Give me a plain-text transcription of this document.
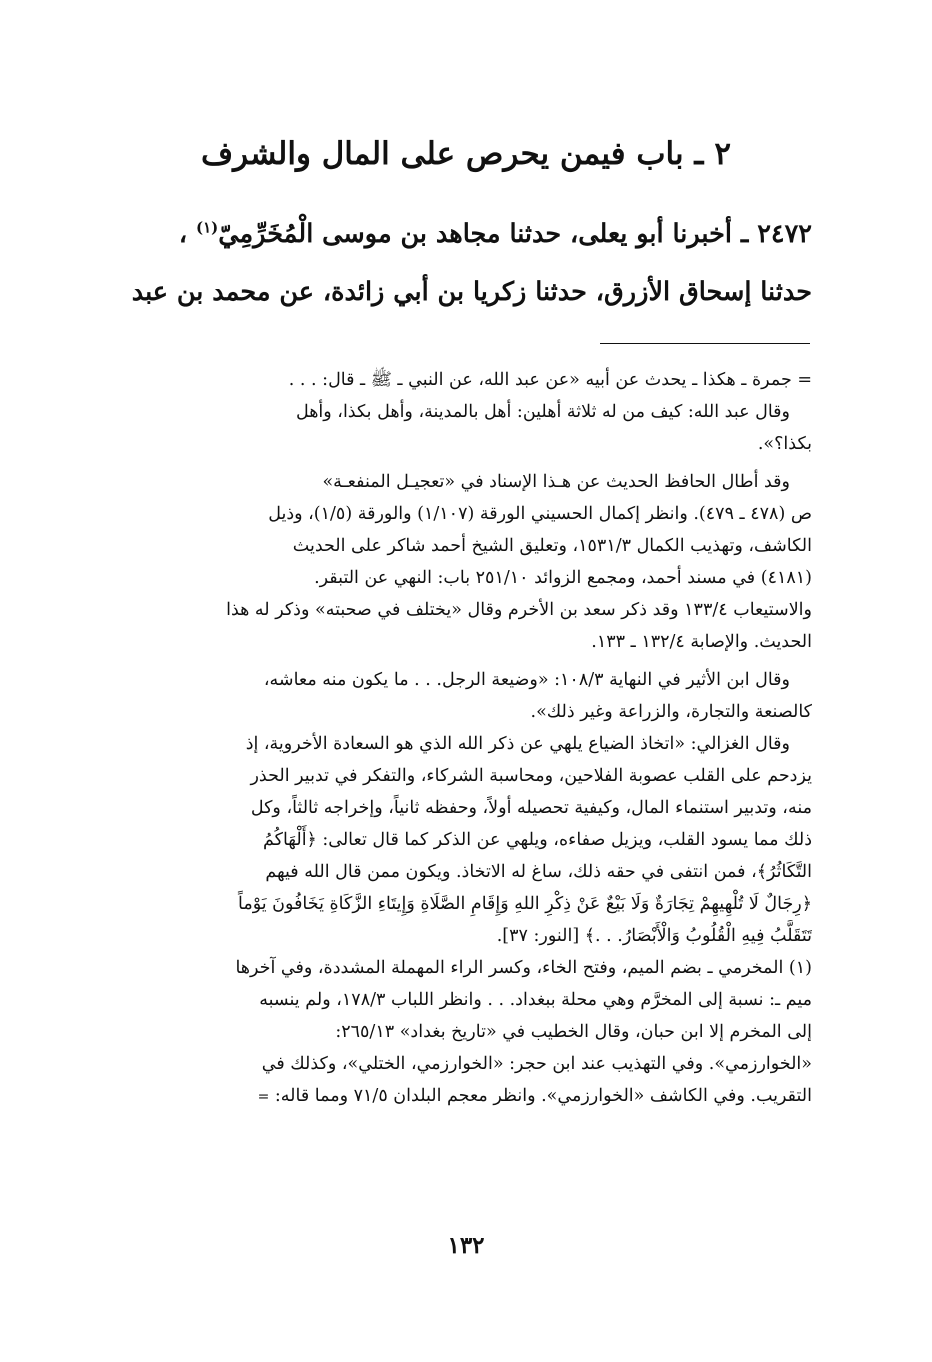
٢ ـ باب فيمن يحرص على المال والشرف
٢٤٧٢ ـ أخبرنا أبو يعلى، حدثنا مجاهد بن موسى الْمُخَرِّمِيّ$^{(١)}$ ،
حدثنا إسحاق الأزرق، حدثنا زكريا بن أبي زائدة، عن محمد بن عبد
= جمرة ـ هكذا ـ يحدث عن أبيه «عن عبد الله، عن النبي ـ ﷺ ـ قال: . . .
وقال عبد الله: كيف من له ثلاثة أهلين: أهل بالمدينة، وأهل بكذا، وأهل
بكذا؟».
وقد أطال الحافظ الحديث عن هـذا الإسناد في «تعجيـل المنفعـة»
ص (٤٧٨ ـ ٤٧٩). وانظر إكمال الحسيني الورقة (١/١٠٧) والورقة (١/٥)، وذيل
الكاشف، وتهذيب الكمال ١٥٣١/٣، وتعليق الشيخ أحمد شاكر على الحديث
(٤١٨١) في مسند أحمد، ومجمع الزوائد ٢٥١/١٠ باب: النهي عن التبقر.
والاستيعاب ١٣٣/٤ وقد ذكر سعد بن الأخرم وقال «يختلف في صحبته» وذكر له هذا
الحديث. والإصابة ١٣٢/٤ ـ ١٣٣.
وقال ابن الأثير في النهاية ١٠٨/٣: «وضيعة الرجل. . . ما يكون منه معاشه،
كالصنعة والتجارة، والزراعة وغير ذلك».
وقال الغزالي: «اتخاذ الضياع يلهي عن ذكر الله الذي هو السعادة الأخروية، إذ
يزدحم على القلب عصوبة الفلاحين، ومحاسبة الشركاء، والتفكر في تدبير الحذر
منه، وتدبير استنماء المال، وكيفية تحصيله أولاً، وحفظه ثانياً، وإخراجه ثالثاً، وكل
ذلك مما يسود القلب، ويزيل صفاءه، ويلهي عن الذكر كما قال تعالى: ﴿أَلْهَاكُمُ
التَّكَاثُرُ﴾، فمن انتفى في حقه ذلك، ساغ له الاتخاذ. ويكون ممن قال الله فيهم
﴿رِجَالٌ لَا تُلْهِيهِمْ تِجَارَةٌ وَلَا بَيْعٌ عَنْ ذِكْرِ اللهِ وَإِقَامِ الصَّلَاةِ وَإِيتَاءِ الزَّكَاةِ يَخَافُونَ يَوْماً
تَتَقَلَّبُ فِيهِ الْقُلُوبُ وَالْأَبْصَارُ. . .﴾ [النور: ٣٧].
(١) المخرمي ـ بضم الميم، وفتح الخاء، وكسر الراء المهملة المشددة، وفي آخرها
ميم ـ: نسبة إلى المخرَّم وهي محلة ببغداد. . . وانظر اللباب ١٧٨/٣، ولم ينسبه
إلى المخرم إلا ابن حبان، وقال الخطيب في «تاريخ بغداد» ٢٦٥/١٣:
«الخوارزمي». وفي التهذيب عند ابن حجر: «الخوارزمي، الختلي»، وكذلك في
التقريب. وفي الكاشف «الخوارزمي». وانظر معجم البلدان ٧١/٥ ومما قاله: =
١٣٢
